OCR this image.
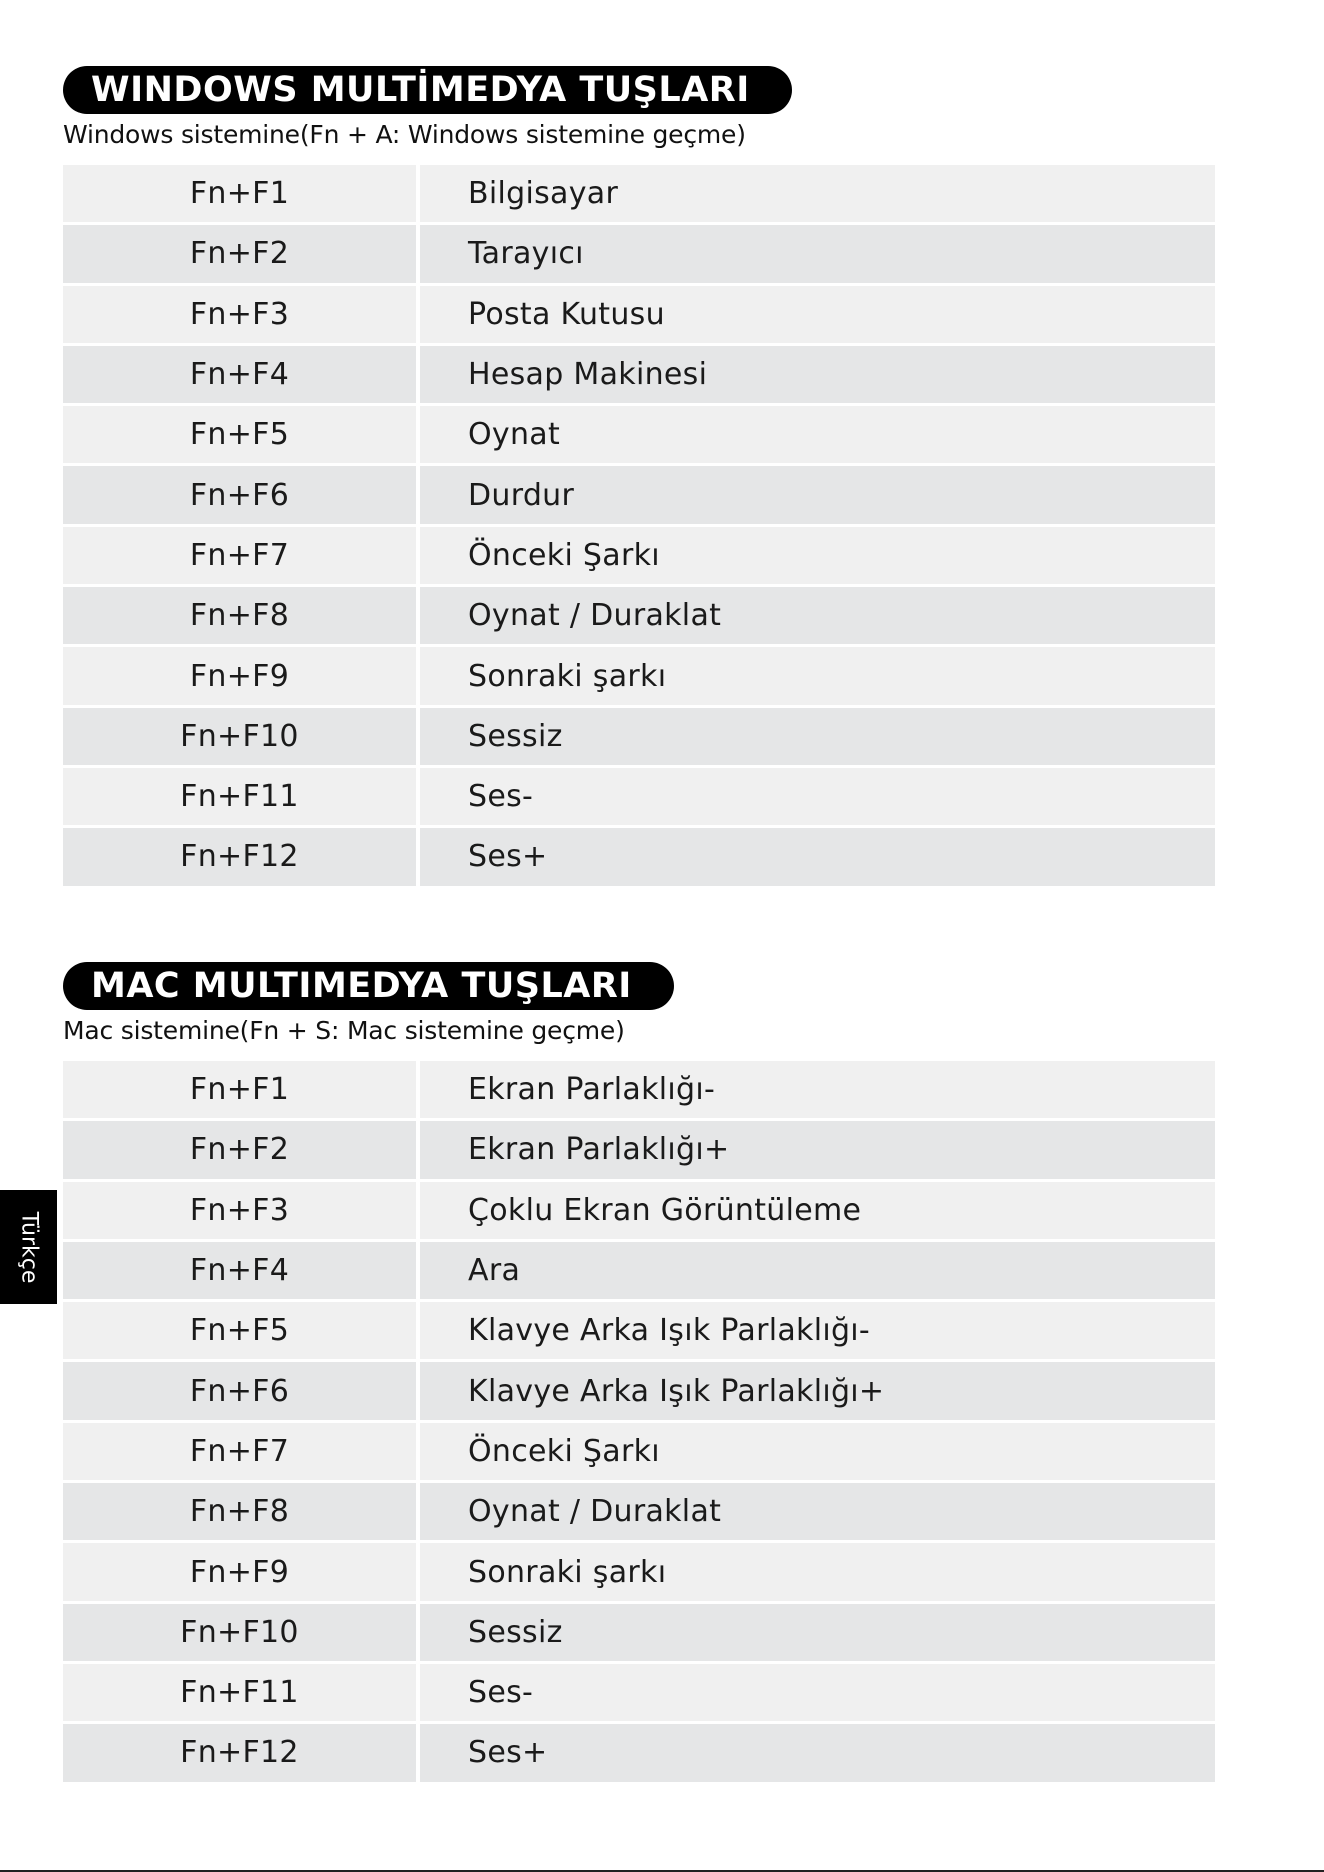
WINDOWS MULTİMEDYA TUŞLARI
Windows sistemine(Fn + A: Windows sistemine geçme)
Fn+F1	Bilgisayar
Fn+F2	Tarayıcı
Fn+F3	Posta Kutusu
Fn+F4	Hesap Makinesi
Fn+F5	Oynat
Fn+F6	Durdur
Fn+F7	Önceki Şarkı
Fn+F8	Oynat / Duraklat
Fn+F9	Sonraki şarkı
Fn+F10	Sessiz
Fn+F11	Ses-
Fn+F12	Ses+
MAC MULTIMEDYA TUŞLARI
Mac sistemine(Fn + S: Mac sistemine geçme)
Fn+F1	Ekran Parlaklığı-
Fn+F2	Ekran Parlaklığı+
Fn+F3	Çoklu Ekran Görüntüleme
Fn+F4	Ara
Fn+F5	Klavye Arka Işık Parlaklığı-
Fn+F6	Klavye Arka Işık Parlaklığı+
Fn+F7	Önceki Şarkı
Fn+F8	Oynat / Duraklat
Fn+F9	Sonraki şarkı
Fn+F10	Sessiz
Fn+F11	Ses-
Fn+F12	Ses+
Türkçe
